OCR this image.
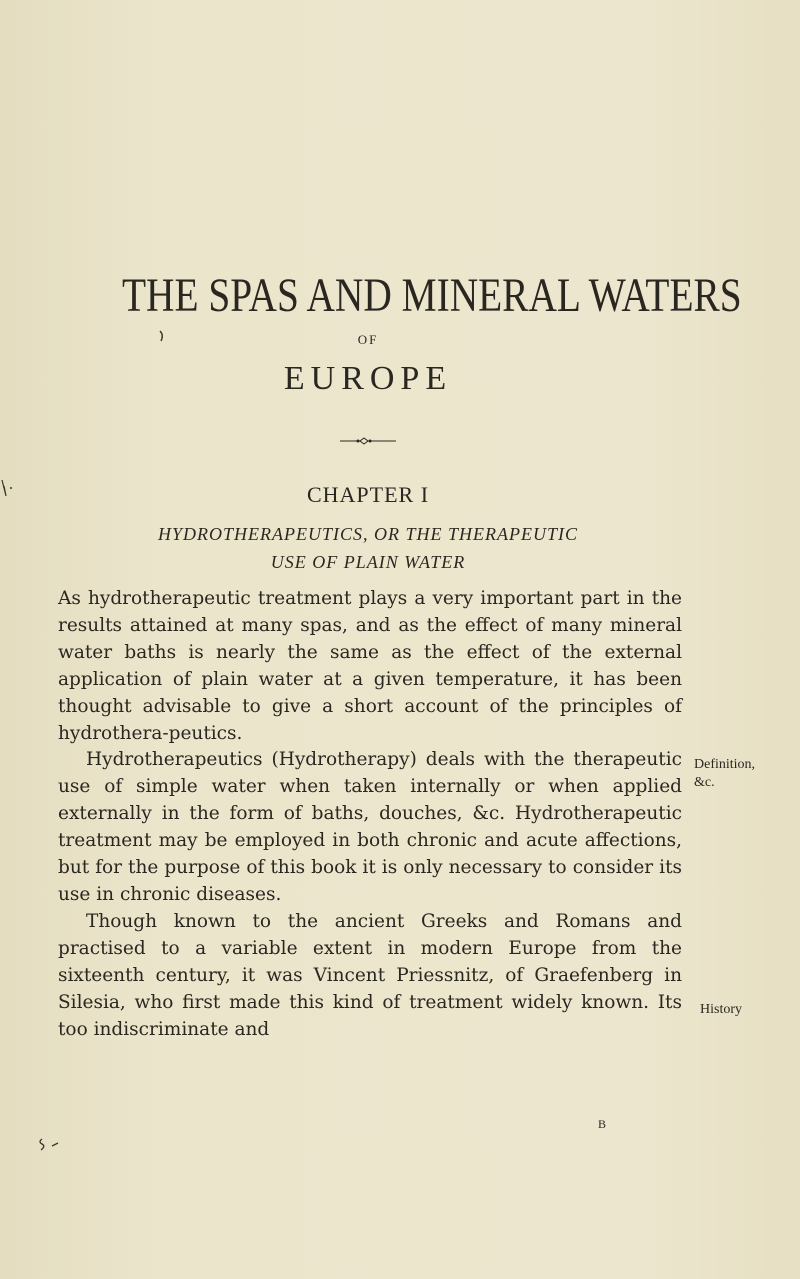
THE SPAS AND MINERAL WATERS
OF
EUROPE
CHAPTER I
HYDROTHERAPEUTICS, OR THE THERAPEUTIC
USE OF PLAIN WATER

As hydrotherapeutic treatment plays a very important part in the results attained at many spas, and as the effect of many mineral water baths is nearly the same as the effect of the external application of plain water at a given temperature, it has been thought advisable to give a short account of the principles of hydrothera-peutics.

Hydrotherapeutics (Hydrotherapy) deals with the therapeutic use of simple water when taken internally or when applied externally in the form of baths, douches, &c. Hydrotherapeutic treatment may be employed in both chronic and acute affections, but for the purpose of this book it is only necessary to consider its use in chronic diseases.

Though known to the ancient Greeks and Romans and practised to a variable extent in modern Europe from the sixteenth century, it was Vincent Priessnitz, of Graefenberg in Silesia, who first made this kind of treatment widely known. Its too indiscriminate and

Definition,
&c.
History
B
